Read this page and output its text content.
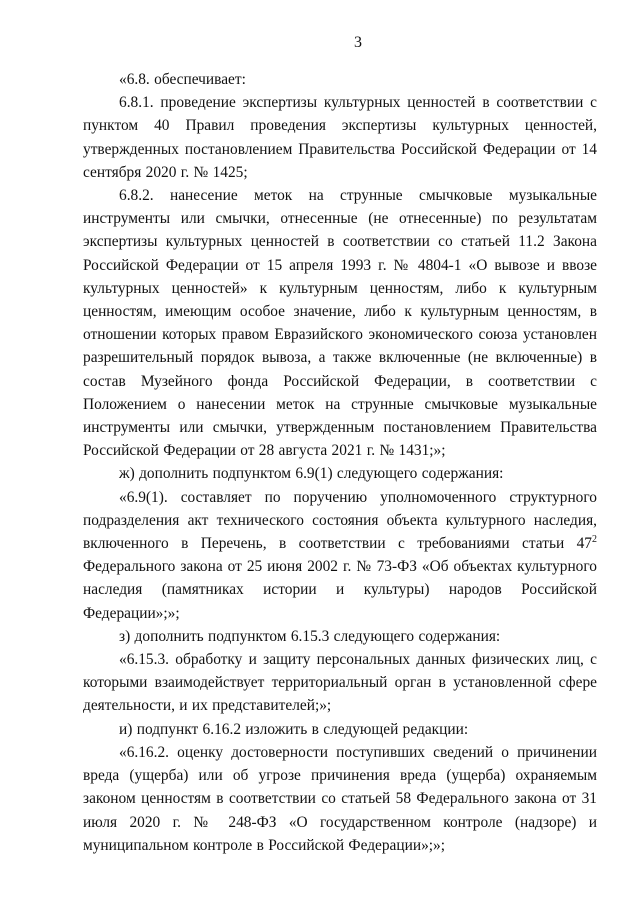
3

«6.8. обеспечивает:

6.8.1. проведение экспертизы культурных ценностей в соответствии с пунктом 40 Правил проведения экспертизы культурных ценностей, утвержденных постановлением Правительства Российской Федерации от 14 сентября 2020 г. № 1425;

6.8.2. нанесение меток на струнные смычковые музыкальные инструменты или смычки, отнесенные (не отнесенные) по результатам экспертизы культурных ценностей в соответствии со статьей 11.2 Закона Российской Федерации от 15 апреля 1993 г. № 4804-1 «О вывозе и ввозе культурных ценностей» к культурным ценностям, либо к культурным ценностям, имеющим особое значение, либо к культурным ценностям, в отношении которых правом Евразийского экономического союза установлен разрешительный порядок вывоза, а также включенные (не включенные) в состав Музейного фонда Российской Федерации, в соответствии с Положением о нанесении меток на струнные смычковые музыкальные инструменты или смычки, утвержденным постановлением Правительства Российской Федерации от 28 августа 2021 г. № 1431;»;

ж) дополнить подпунктом 6.9(1) следующего содержания:

«6.9(1). составляет по поручению уполномоченного структурного подразделения акт технического состояния объекта культурного наследия, включенного в Перечень, в соответствии с требованиями статьи $47^2$ Федерального закона от 25 июня 2002 г. № 73-ФЗ «Об объектах культурного наследия (памятниках истории и культуры) народов Российской Федерации»;»;

з) дополнить подпунктом 6.15.3 следующего содержания:

«6.15.3. обработку и защиту персональных данных физических лиц, с которыми взаимодействует территориальный орган в установленной сфере деятельности, и их представителей;»;

и) подпункт 6.16.2 изложить в следующей редакции:

«6.16.2. оценку достоверности поступивших сведений о причинении вреда (ущерба) или об угрозе причинения вреда (ущерба) охраняемым законом ценностям в соответствии со статьей 58 Федерального закона от 31 июля 2020 г. № 248-ФЗ «О государственном контроле (надзоре) и муниципальном контроле в Российской Федерации»;»;
